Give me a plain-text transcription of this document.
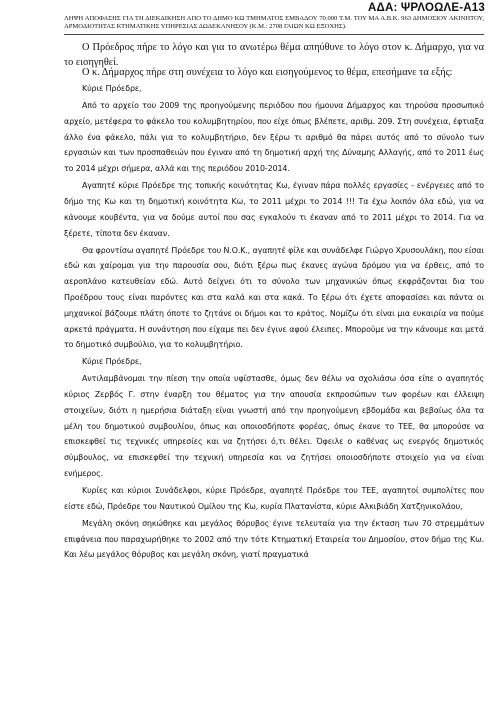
ΑΔΑ: ΨΡΛΟΩΛΕ-Α13
ΛΗΨΗ ΑΠΟΦΑΣΗΣ ΓΙΑ ΤΗ ΔΙΕΚΔΙΚΗΣΗ ΑΠΟ ΤΟ ΔΗΜΟ ΚΩ ΤΜΗΜΑΤΟΣ ΕΜΒΑΔΟΥ 70.000 Τ.Μ. ΤΟΥ ΜΑ Α.Β.Κ. 963 ΔΗΜΟΣΙΟΥ ΑΚΙΝΗΤΟΥ, ΑΡΜΟΔΙΟΤΗΤΑΣ ΚΤΗΜΑΤΙΚΗΣ ΥΠΗΡΕΣΙΑΣ ΔΩΔΕΚΑΝΗΣΟΥ (Κ.Μ.: 2708 ΓΑΙΩΝ ΚΩ ΕΞΟΧΗΣ).
Ο Πρόεδρος πήρε το λόγο και για το ανωτέρω θέμα απηύθυνε το λόγο στον κ. Δήμαρχο, για να το εισηγηθεί.
Ο κ. Δήμαρχος πήρε στη συνέχεια το λόγο και εισηγούμενος το θέμα, επεσήμανε τα εξής:

Κύριε Πρόεδρε,

Από το αρχείο του 2009 της προηγούμενης περιόδου που ήμουνα Δήμαρχος και τηρούσα προσωπικό αρχείο, μετέφερα το φάκελο του κολυμβητηρίου, που είχε όπως βλέπετε, αριθμ. 209. Στη συνέχεια, έφτιαξα άλλο ένα φάκελο, πάλι για το κολυμβητήριο, δεν ξέρω τι αριθμό θα πάρει αυτός από το σύνολο των εργασιών και των προσπαθειών που έγιναν από τη δημοτική αρχή της Δύναμης Αλλαγής, από το 2011 έως το 2014 μέχρι σήμερα, αλλά και της περιόδου 2010-2014.

Αγαπητέ κύριε Πρόεδρε της τοπικής κοινότητας Κω, έγιναν πάρα πολλές εργασίες - ενέργειες από το δήμο της Κω και τη δημοτική κοινότητα Κω, το 2011 μέχρι το 2014 !!! Τα έχω λοιπόν όλα εδώ, για να κάνουμε κουβέντα, για να δούμε αυτοί που σας εγκαλούν τι έκαναν από το 2011 μέχρι το 2014. Για να ξέρετε, τίποτα δεν έκαναν.

Θα φροντίσω αγαπητέ Πρόεδρε του Ν.Ο.Κ., αγαπητέ φίλε και συνάδελφε Γιώργο Χρυσουλάκη, που είσαι εδώ και χαίρομαι για την παρουσία σου, διότι ξέρω πως έκανες αγώνα δρόμου για να έρθεις, από το αεροπλάνο κατευθείαν εδώ. Αυτό δείχνει ότι το σύνολο των μηχανικών όπως εκφράζονται δια του Προέδρου τους είναι παρόντες και στα καλά και στα κακά. Το ξέρω ότι έχετε αποφασίσει και πάντα οι μηχανικοί βάζουμε πλάτη όποτε το ζητάνε οι δήμοι και το κράτος. Νομίζω ότι είναι μια ευκαιρία να πούμε αρκετά πράγματα. Η συνάντηση που είχαμε πει δεν έγινε αφού έλειπες. Μπορούμε να την κάνουμε και μετά το δημοτικό συμβούλιο, για το κολυμβητήριο.

Κύριε Πρόεδρε,

Αντιλαμβάνομαι την πίεση την οποία υφίστασθε, όμως δεν θέλω να σχολιάσω όσα είπε ο αγαπητός κύριος Ζερβός Γ. στην έναρξη του θέματος για την απουσία εκπροσώπων των φορέων και έλλειψη στοιχείων, διότι η ημερήσια διάταξη είναι γνωστή από την προηγούμενη εβδομάδα και βεβαίως όλα τα μέλη του δημοτικού συμβουλίου, όπως και οποιοσδήποτε φορέας, όπως έκανε το ΤΕΕ, θα μπορούσε να επισκεφθεί τις τεχνικές υπηρεσίες και να ζητήσει ό,τι θέλει. Όφειλε ο καθένας ως ενεργός δημοτικός σύμβουλος, να επισκεφθεί την τεχνική υπηρεσία και να ζητήσει οποιοσδήποτε στοιχείο για να είναι ενήμερος.

Κυρίες και κύριοι Συνάδελφοι, κύριε Πρόεδρε, αγαπητέ Πρόεδρε του ΤΕΕ, αγαπητοί συμπολίτες που είστε εδώ, Πρόεδρε του Ναυτικού Ομίλου της Κω, κυρία Πλατανίστα, κύριε Αλκιβιάδη Χατζηνικολάου,

Μεγάλη σκόνη σηκώθηκε και μεγάλος θόρυβος έγινε τελευταία για την έκταση των 70 στρεμμάτων επιφάνεια που παραχωρήθηκε το 2002 από την τότε Κτηματική Εταιρεία του Δημοσίου, στον δήμο της Κω. Και λέω μεγάλος θόρυβος και μεγάλη σκόνη, γιατί πραγματικά
